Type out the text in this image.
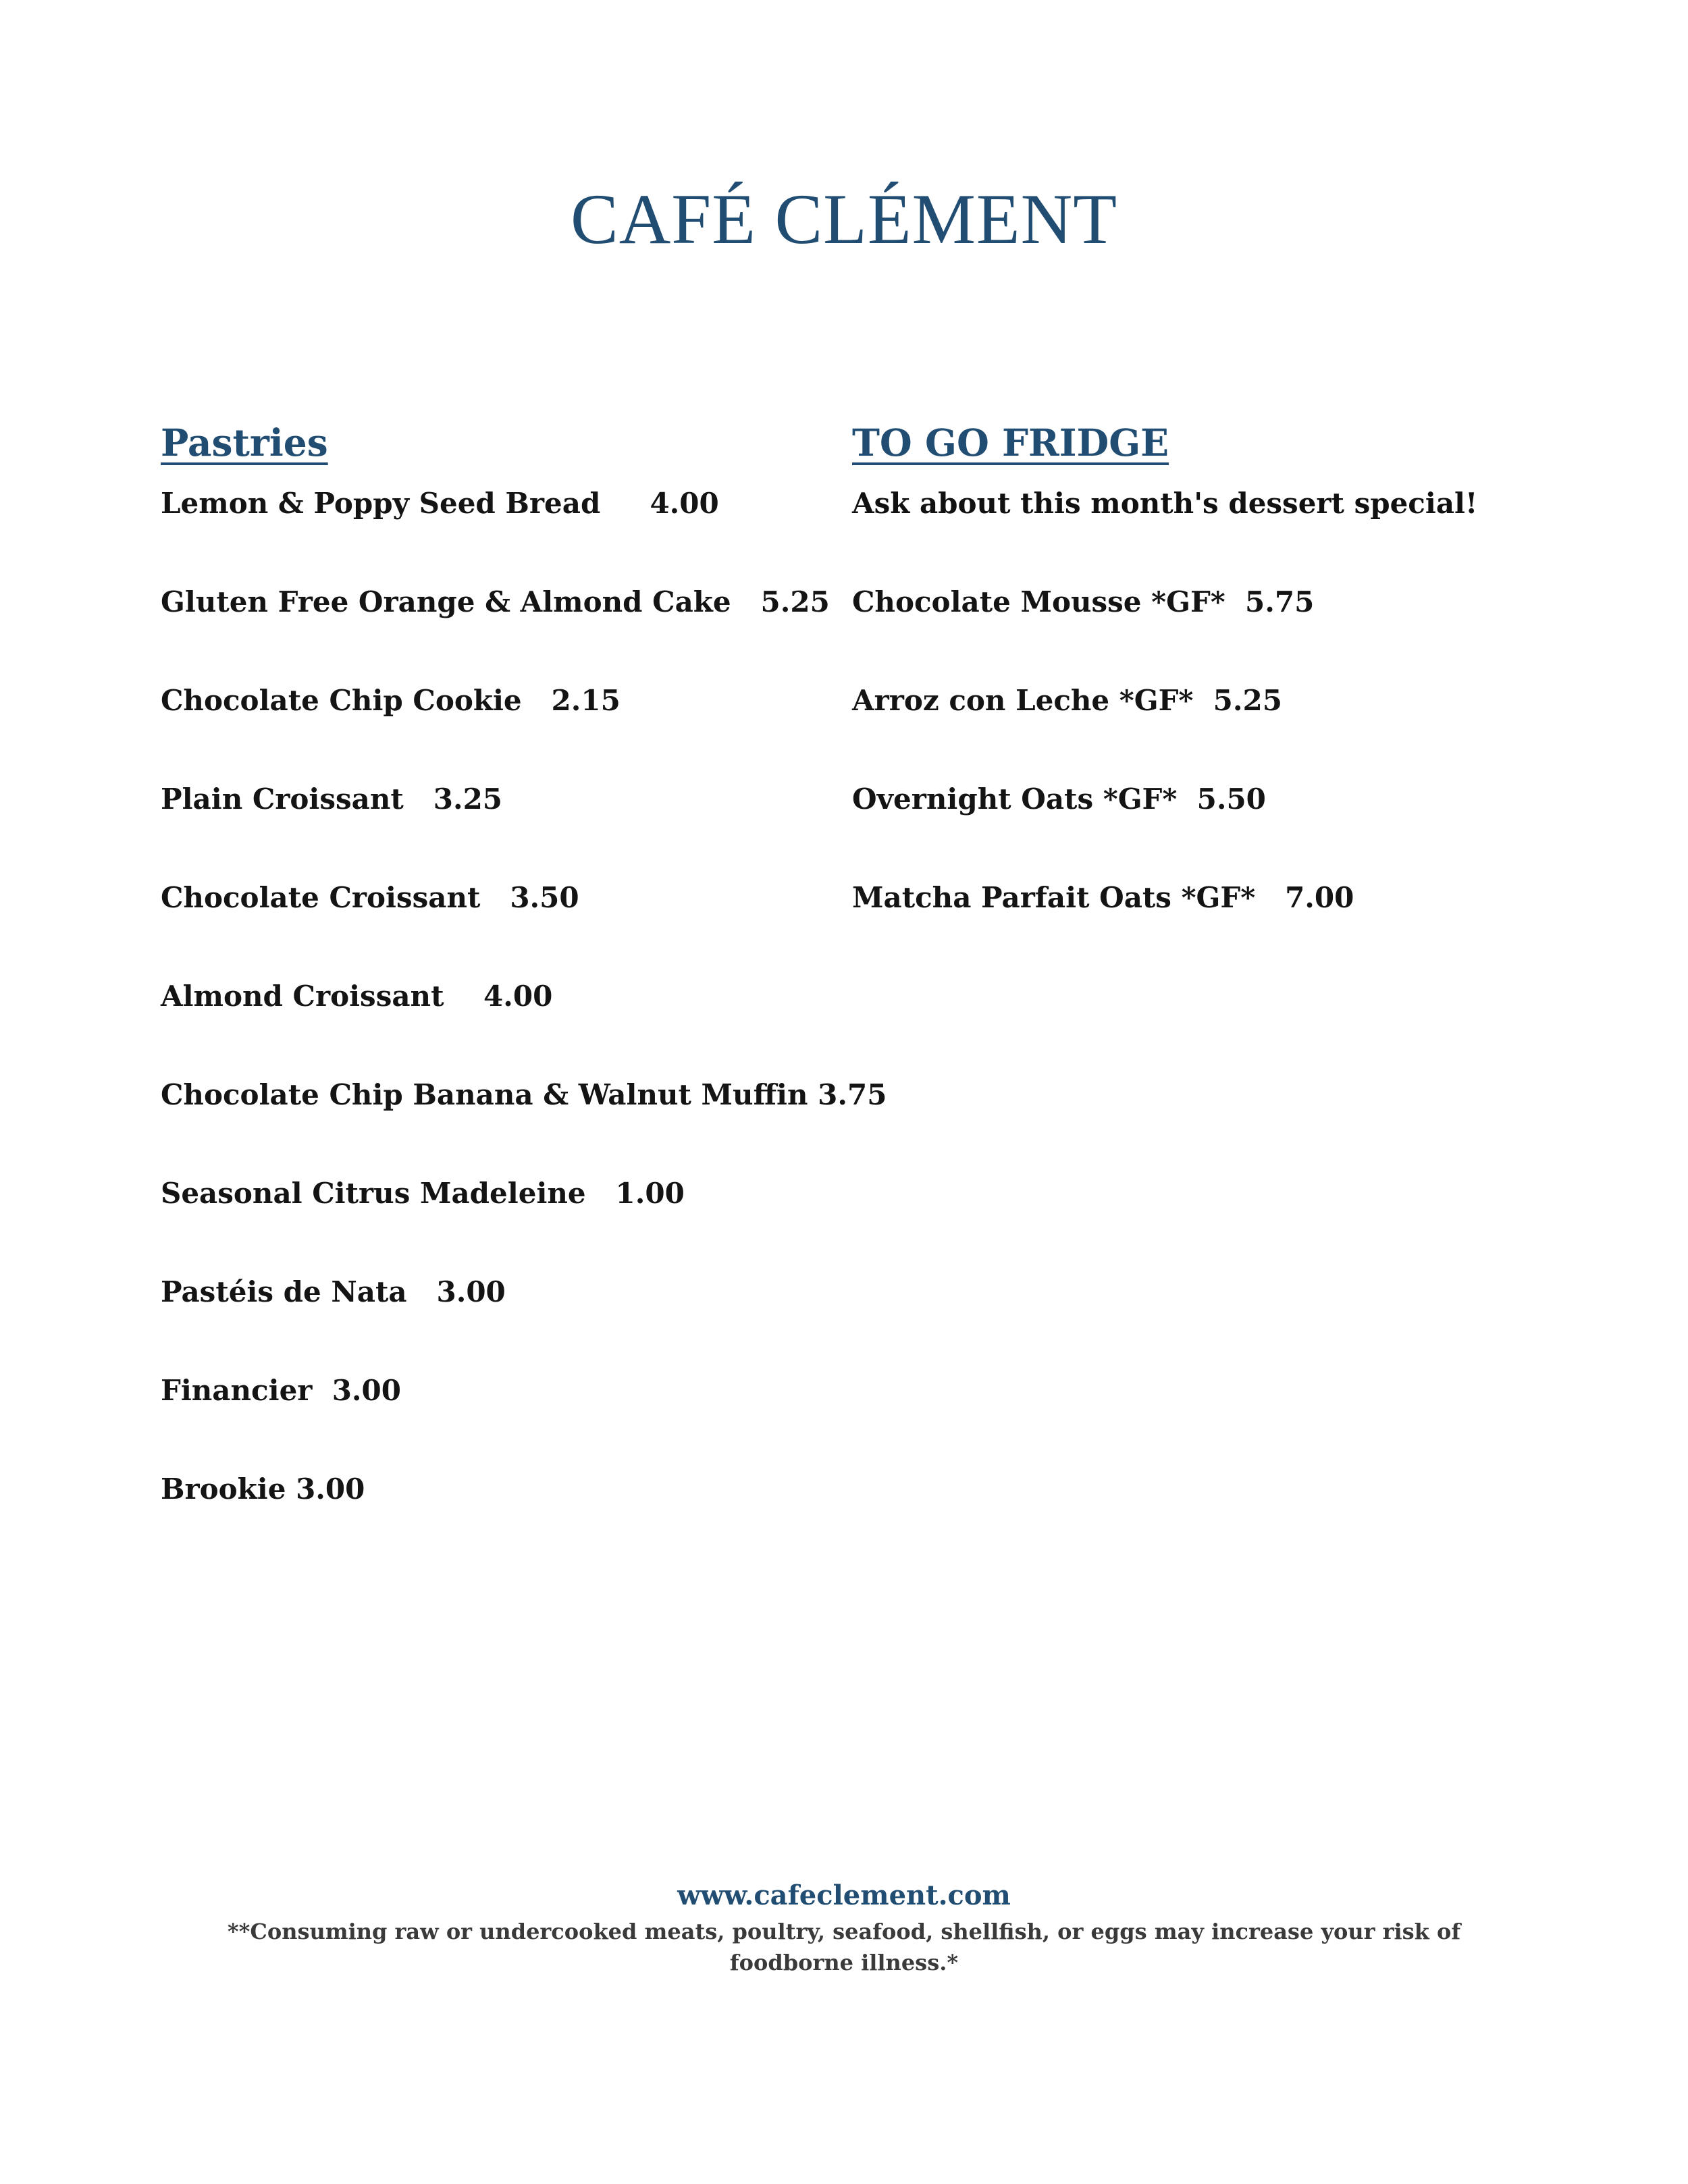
CAFÉ CLÉMENT
Pastries
Lemon & Poppy Seed Bread 4.00
Gluten Free Orange & Almond Cake 5.25
Chocolate Chip Cookie 2.15
Plain Croissant 3.25
Chocolate Croissant 3.50
Almond Croissant 4.00
Chocolate Chip Banana & Walnut Muffin 3.75
Seasonal Citrus Madeleine 1.00
Pastéis de Nata 3.00
Financier 3.00
Brookie 3.00
TO GO FRIDGE
Ask about this month's dessert special!
Chocolate Mousse *GF* 5.75
Arroz con Leche *GF* 5.25
Overnight Oats *GF* 5.50
Matcha Parfait Oats *GF* 7.00
www.cafeclement.com
**Consuming raw or undercooked meats, poultry, seafood, shellfish, or eggs may increase your risk of foodborne illness.*
